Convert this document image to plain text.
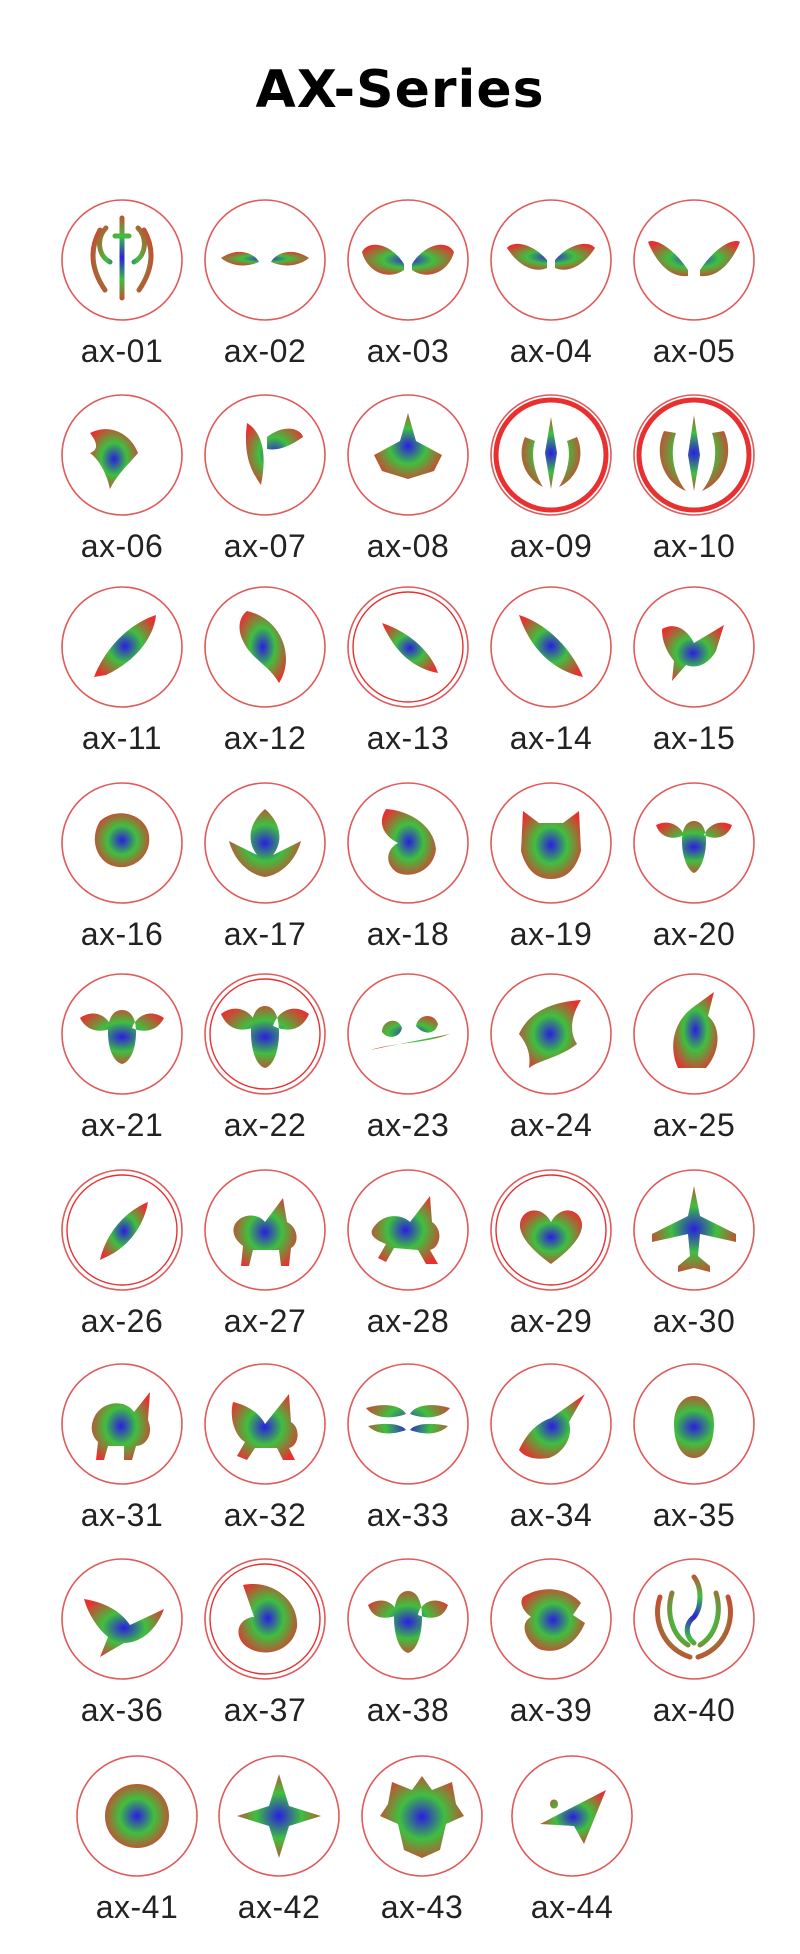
AX-Series
ax-01	ax-02	ax-03	ax-04	ax-05
ax-06	ax-07	ax-08	ax-09	ax-10
ax-11	ax-12	ax-13	ax-14	ax-15
ax-16	ax-17	ax-18	ax-19	ax-20
ax-21	ax-22	ax-23	ax-24	ax-25
ax-26	ax-27	ax-28	ax-29	ax-30
ax-31	ax-32	ax-33	ax-34	ax-35
ax-36	ax-37	ax-38	ax-39	ax-40
ax-41	ax-42	ax-43	ax-44
